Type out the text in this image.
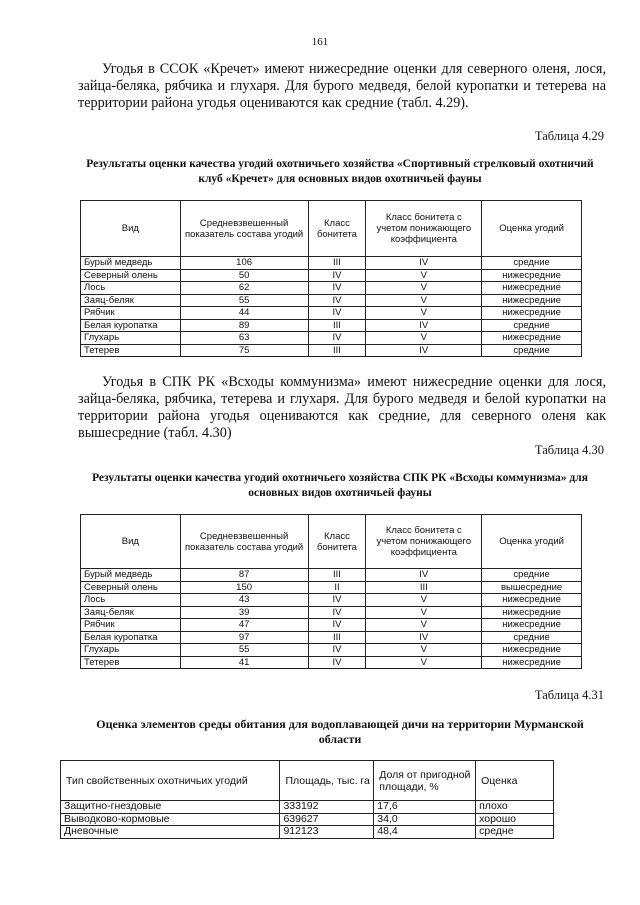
161

Угодья в ССОК «Кречет» имеют нижесредние оценки для северного оленя, лося, зайца-беляка, рябчика и глухаря. Для бурого медведя, белой куропатки и тетерева на территории района угодья оцениваются как средние (табл. 4.29).

Таблица 4.29

Результаты оценки качества угодий охотничьего хозяйства «Спортивный стрелковый охотничий клуб «Кречет» для основных видов охотничьей фауны

Вид	Средневзвешенный показатель состава угодий	Класс бонитета	Класс бонитета с учетом понижающего коэффициента	Оценка угодий
Бурый медведь	106	III	IV	средние
Северный олень	50	IV	V	нижесредние
Лось	62	IV	V	нижесредние
Заяц-беляк	55	IV	V	нижесредние
Рябчик	44	IV	V	нижесредние
Белая куропатка	89	III	IV	средние
Глухарь	63	IV	V	нижесредние
Тетерев	75	III	IV	средние

Угодья в СПК РК «Всходы коммунизма» имеют нижесредние оценки для лося, зайца-беляка, рябчика, тетерева и глухаря. Для бурого медведя и белой куропатки на территории района угодья оцениваются как средние, для северного оленя как вышесредние (табл. 4.30)

Таблица 4.30

Результаты оценки качества угодий охотничьего хозяйства СПК РК «Всходы коммунизма» для основных видов охотничьей фауны

Вид	Средневзвешенный показатель состава угодий	Класс бонитета	Класс бонитета с учетом понижающего коэффициента	Оценка угодий
Бурый медведь	87	III	IV	средние
Северный олень	150	II	III	вышесредние
Лось	43	IV	V	нижесредние
Заяц-беляк	39	IV	V	нижесредние
Рябчик	47	IV	V	нижесредние
Белая куропатка	97	III	IV	средние
Глухарь	55	IV	V	нижесредние
Тетерев	41	IV	V	нижесредние
Таблица 4.31

Оценка элементов среды обитания для водоплавающей дичи на территории Мурманской области

Тип свойственных охотничьих угодий	Площадь, тыс. га	Доля от пригодной площади, %	Оценка
Защитно-гнездовые	333192	17,6	плохо
Выводково-кормовые	639627	34,0	хорошо
Дневочные	912123	48,4	средне
